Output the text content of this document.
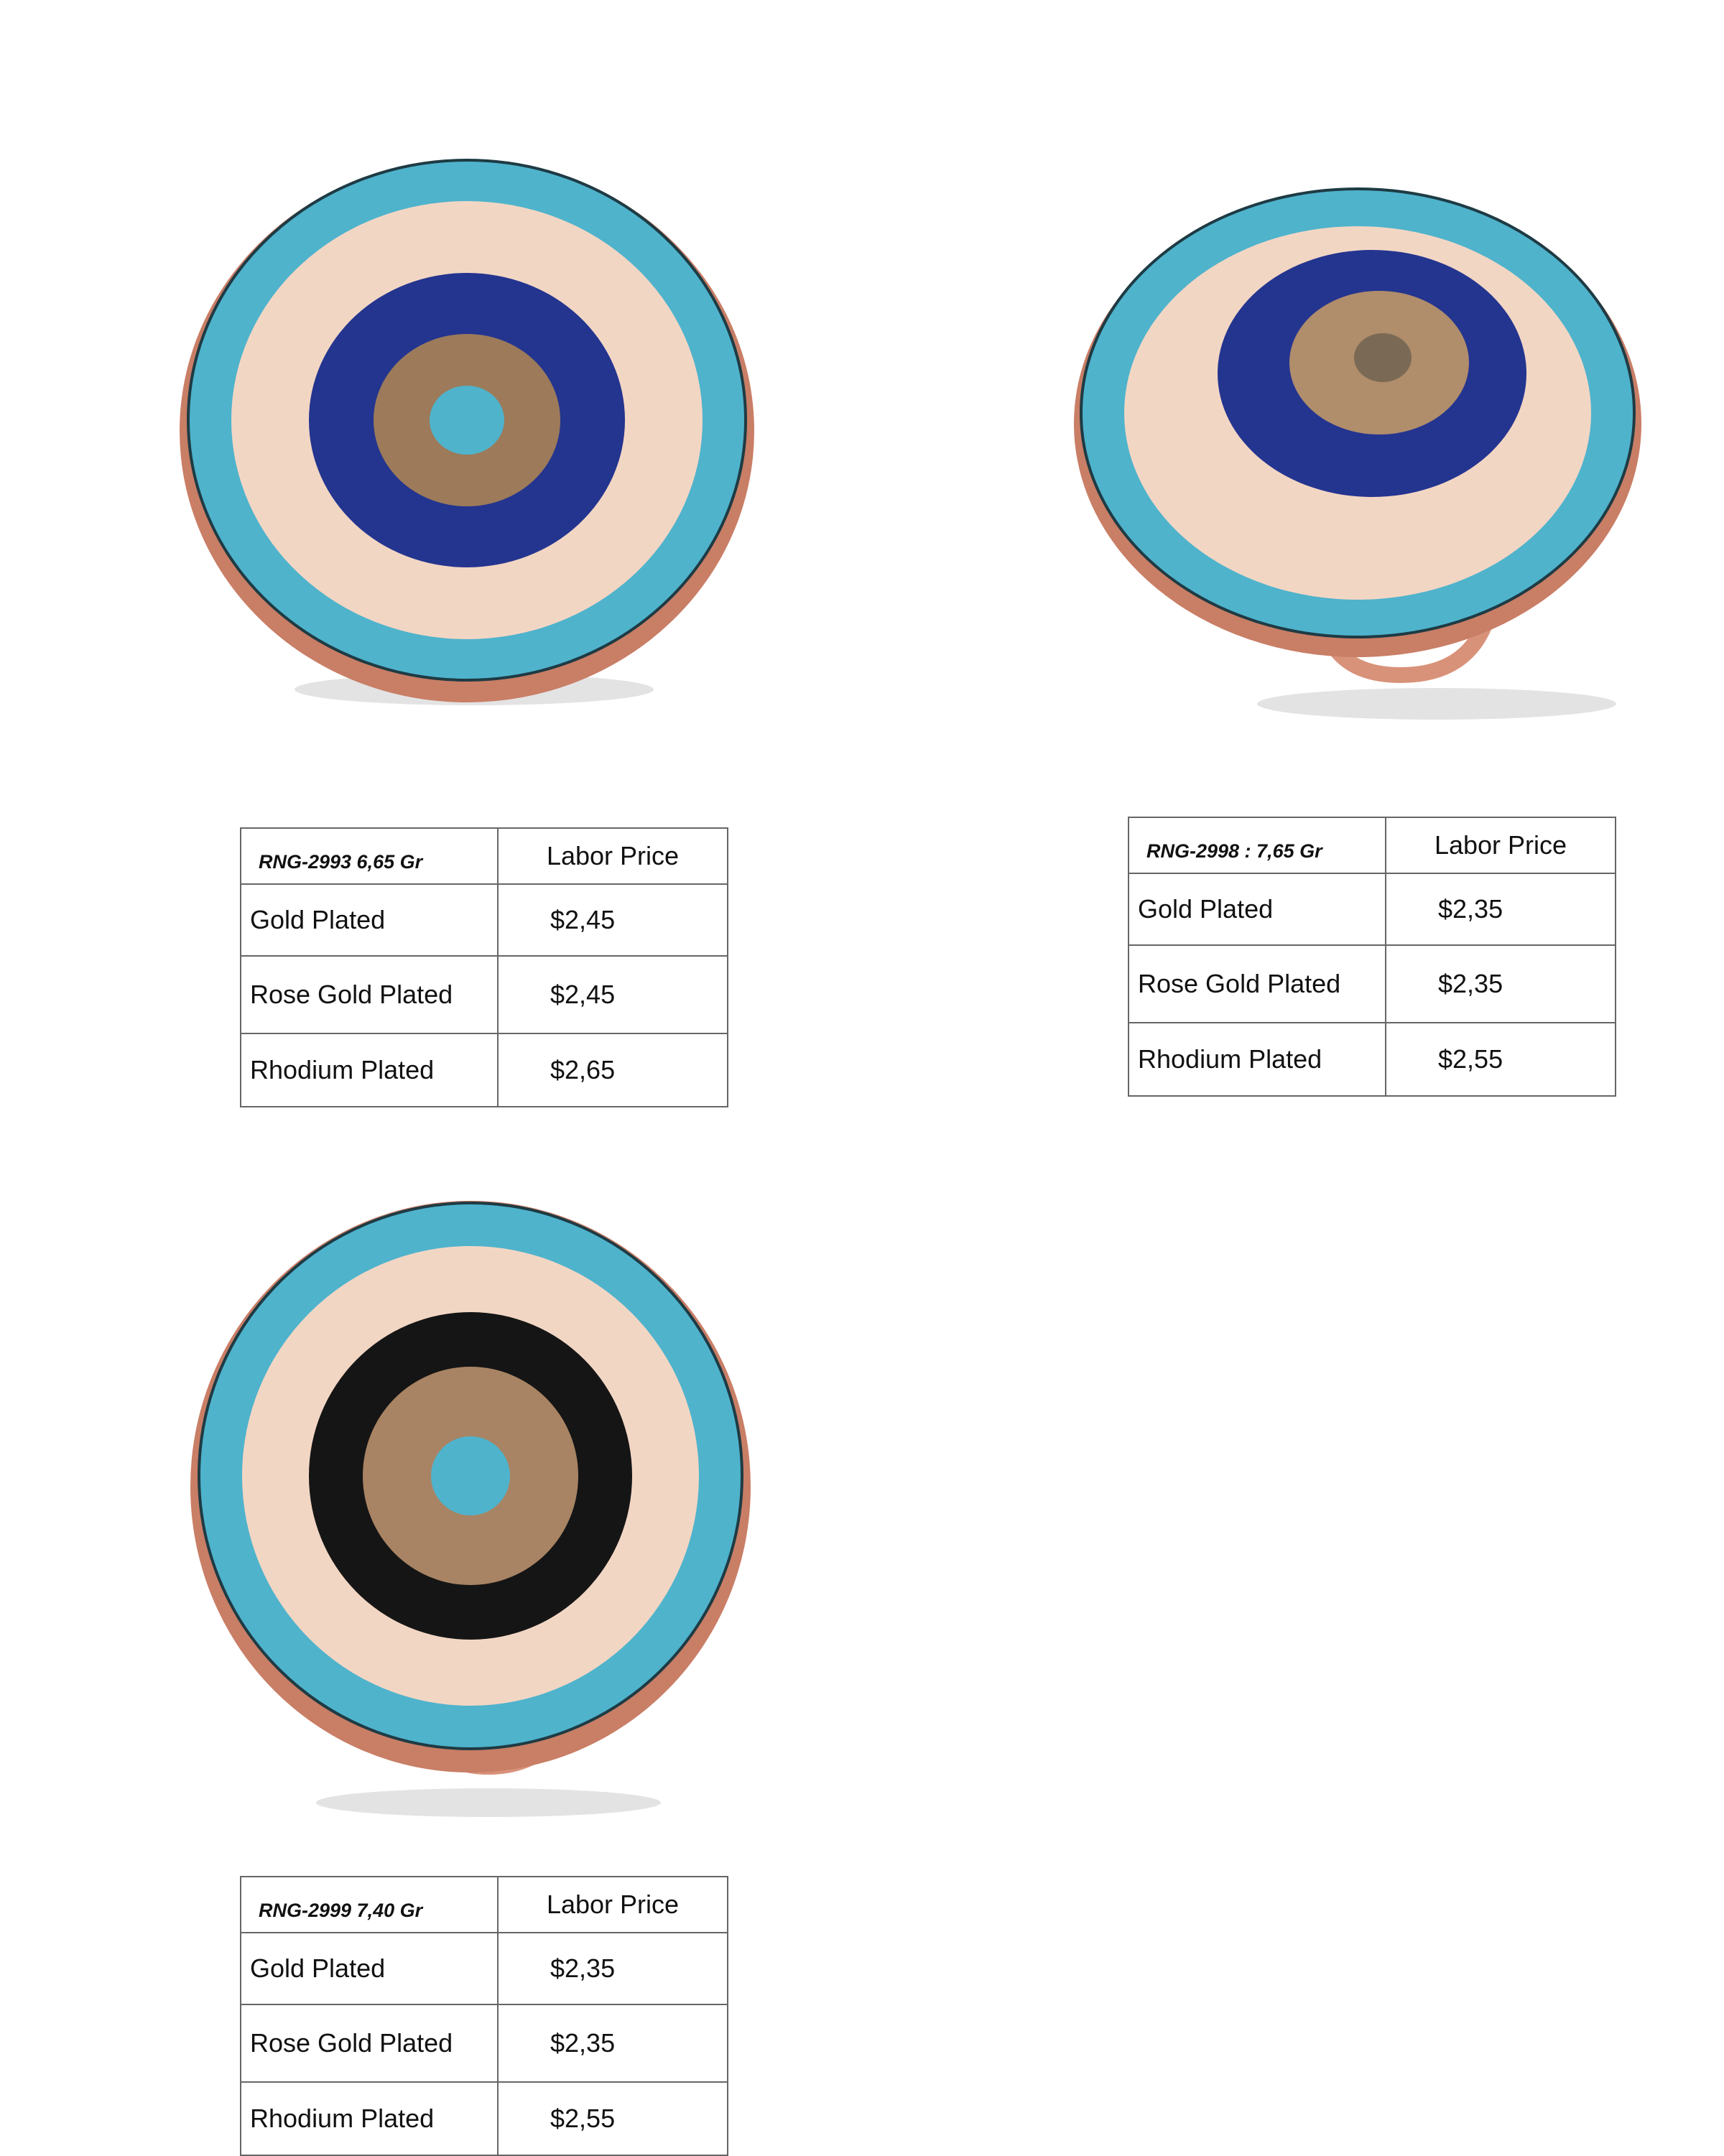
RNG-2993 6,65 Gr	Labor Price
Gold Plated	$2,45
Rose Gold Plated	$2,45
Rhodium Plated	$2,65
RNG-2998 : 7,65 Gr	Labor Price
Gold Plated	$2,35
Rose Gold Plated	$2,35
Rhodium Plated	$2,55
RNG-2999 7,40 Gr	Labor Price
Gold Plated	$2,35
Rose Gold Plated	$2,35
Rhodium Plated	$2,55
